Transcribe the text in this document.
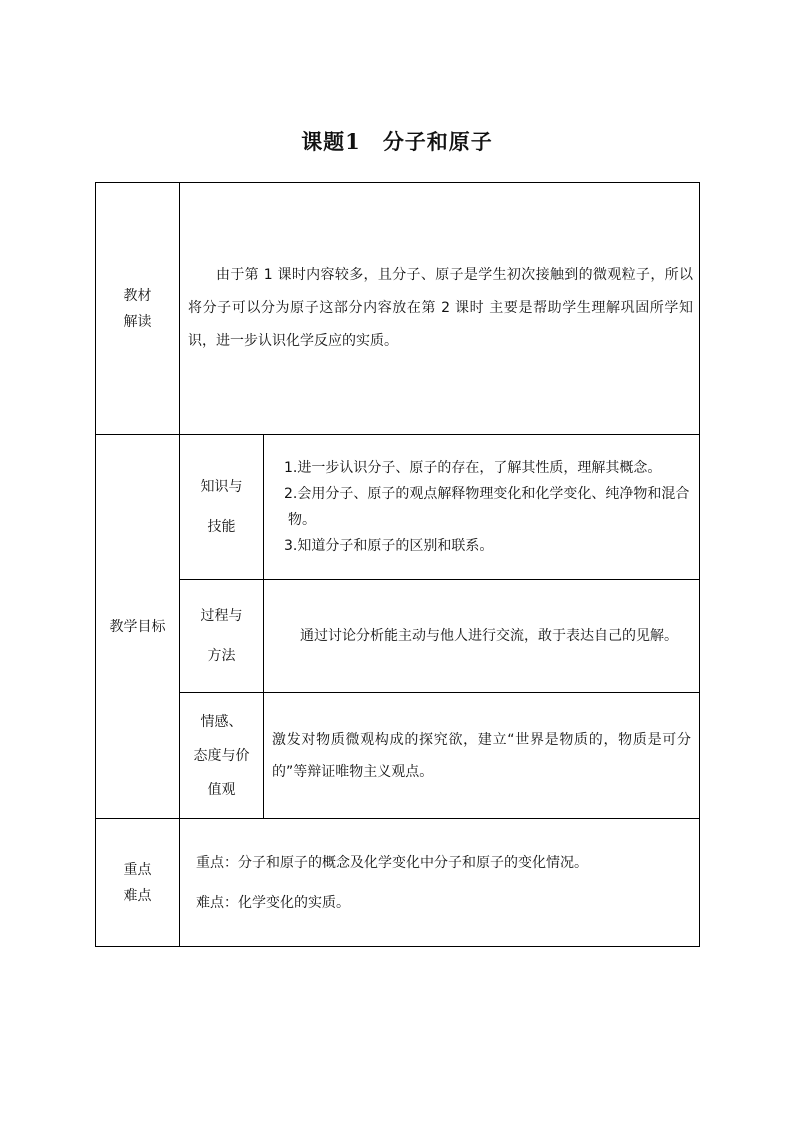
课题1 分子和原子
教材
解读	由于第 1 课时内容较多，且分子、原子是学生初次接触到的微观粒子，所以将分子可以分为原子这部分内容放在第 2 课时 主要是帮助学生理解巩固所学知识，进一步认识化学反应的实质。	

教学目标	知识与
技能	1.进一步认识分子、原子的存在，了解其性质，理解其概念。
2.会用分子、原子的观点解释物理变化和化学变化、纯净物和混合物。
3.知道分子和原子的区别和联系。

	过程与
方法	通过讨论分析能主动与他人进行交流，敢于表达自己的见解。

	情感、
态度与价
值观	激发对物质微观构成的探究欲，建立“世界是物质的，物质是可分的”等辩证唯物主义观点。

重点
难点	重点：分子和原子的概念及化学变化中分子和原子的变化情况。
难点：化学变化的实质。	
